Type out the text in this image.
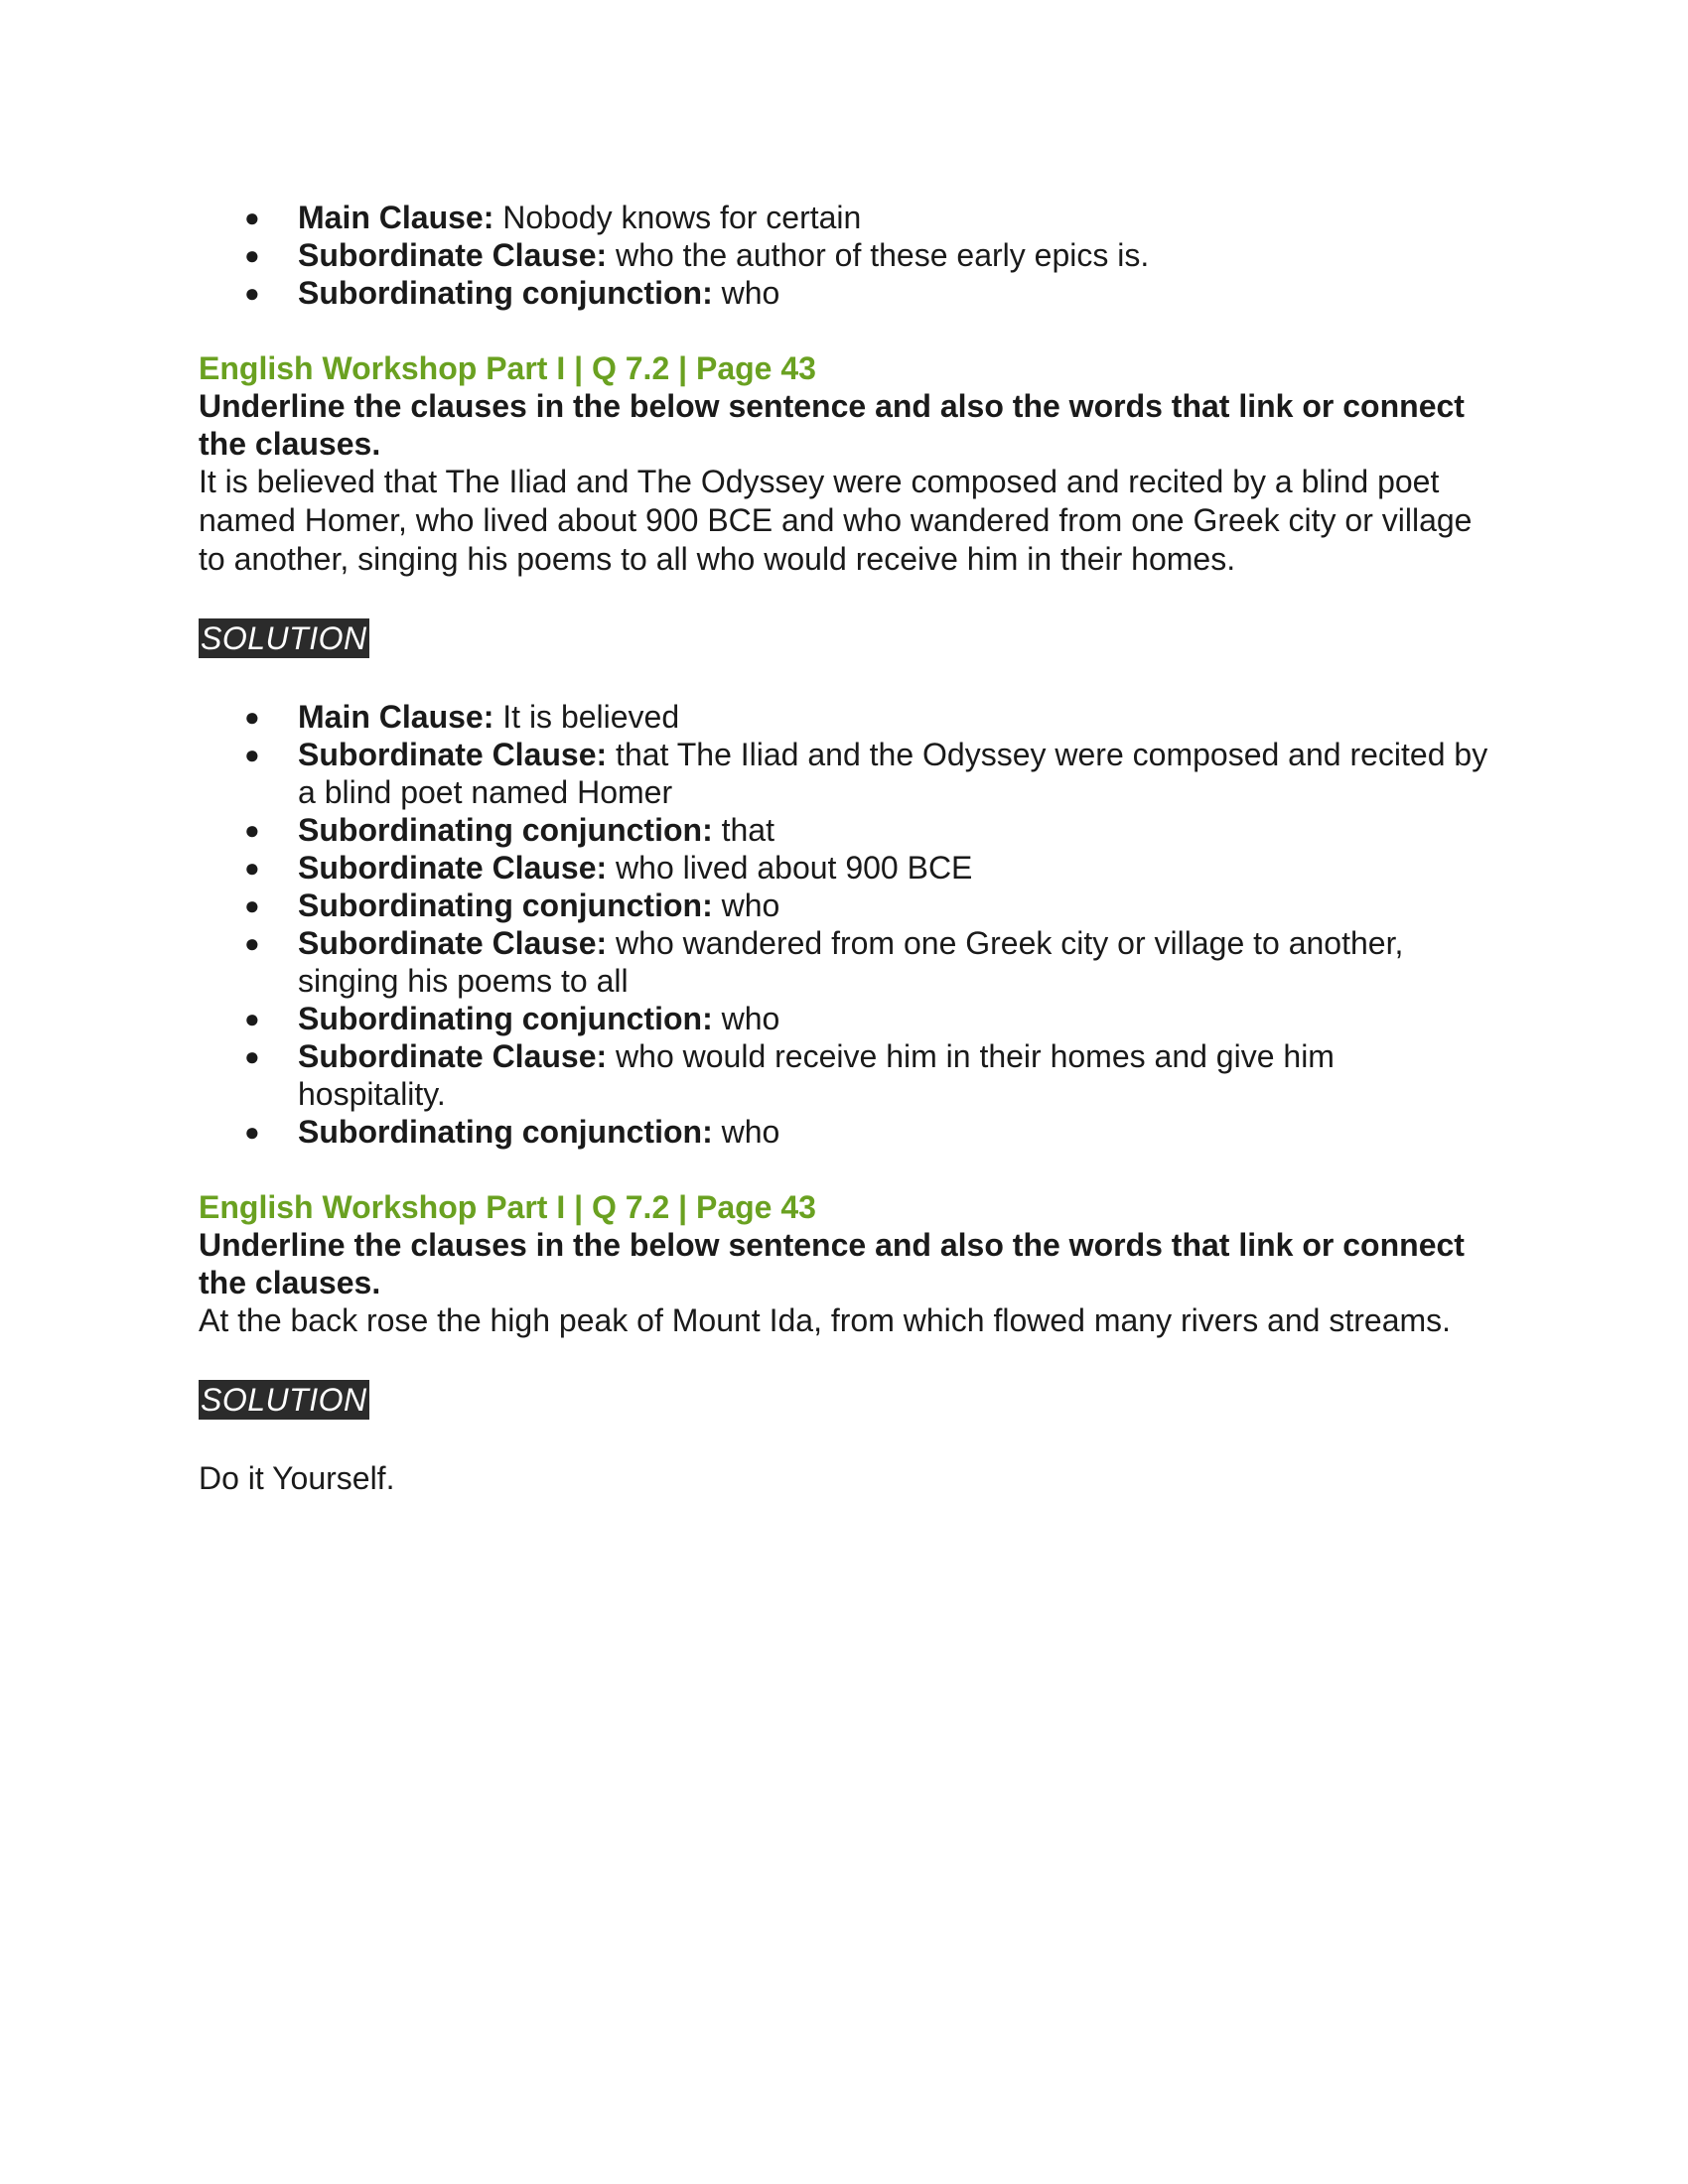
● Main Clause: Nobody knows for certain
● Subordinate Clause: who the author of these early epics is.
● Subordinating conjunction: who
English Workshop Part I | Q 7.2 | Page 43
Underline the clauses in the below sentence and also the words that link or connect the clauses.
It is believed that The Iliad and The Odyssey were composed and recited by a blind poet named Homer, who lived about 900 BCE and who wandered from one Greek city or village to another, singing his poems to all who would receive him in their homes.
SOLUTION
● Main Clause: It is believed
● Subordinate Clause: that The Iliad and the Odyssey were composed and recited by a blind poet named Homer
● Subordinating conjunction: that
● Subordinate Clause: who lived about 900 BCE
● Subordinating conjunction: who
● Subordinate Clause: who wandered from one Greek city or village to another, singing his poems to all
● Subordinating conjunction: who
● Subordinate Clause: who would receive him in their homes and give him hospitality.
● Subordinating conjunction: who
English Workshop Part I | Q 7.2 | Page 43
Underline the clauses in the below sentence and also the words that link or connect the clauses.
At the back rose the high peak of Mount Ida, from which flowed many rivers and streams.
SOLUTION
Do it Yourself.
